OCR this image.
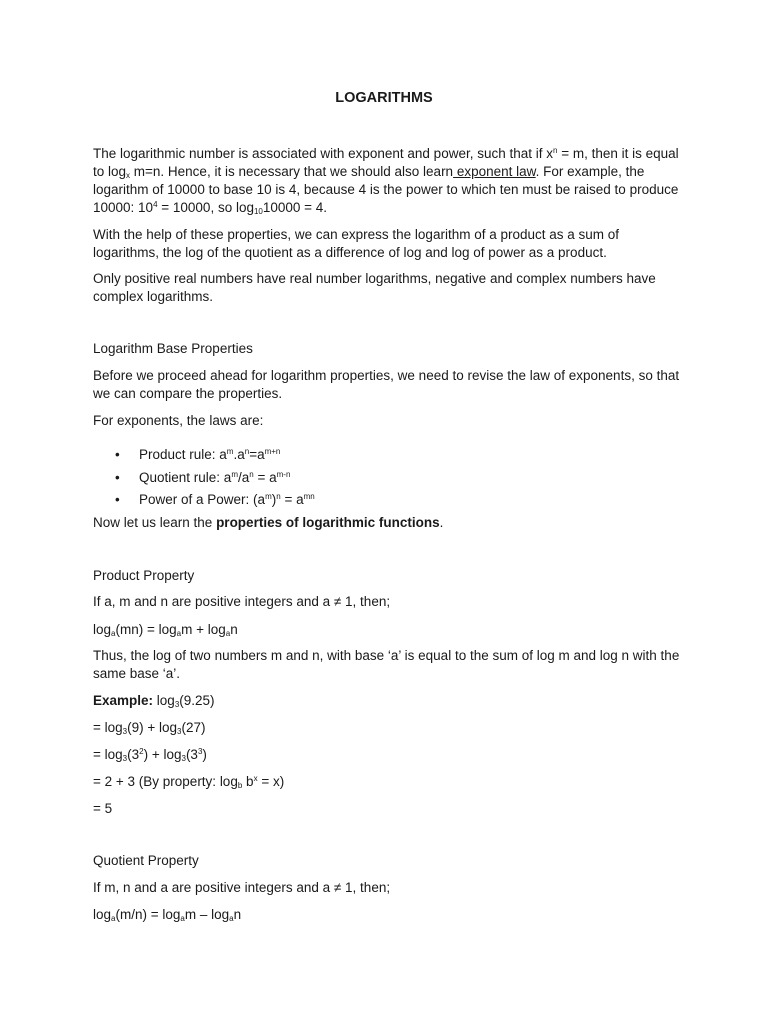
LOGARITHMS

The logarithmic number is associated with exponent and power, such that if $x^n = m$, then it is equal to $\log_x m=n$. Hence, it is necessary that we should also learn exponent law. For example, the logarithm of 10000 to base 10 is 4, because 4 is the power to which ten must be raised to produce 10000: $10^4 = 10000$, so $\log_{10}10000 = 4$.

With the help of these properties, we can express the logarithm of a product as a sum of logarithms, the log of the quotient as a difference of log and log of power as a product.

Only positive real numbers have real number logarithms, negative and complex numbers have complex logarithms.

Logarithm Base Properties

Before we proceed ahead for logarithm properties, we need to revise the law of exponents, so that we can compare the properties.

For exponents, the laws are:

• Product rule: $a^m.a^n=a^{m+n}$
• Quotient rule: $a^m/a^n = a^{m-n}$
• Power of a Power: $(a^m)^n = a^{mn}$

Now let us learn the properties of logarithmic functions.

Product Property

If a, m and n are positive integers and a ≠ 1, then;

$\log_a(mn) = \log_am + \log_an$

Thus, the log of two numbers m and n, with base ‘a’ is equal to the sum of log m and log n with the same base ‘a’.

Example: $\log_3(9.25)$

= $\log_3(9) + \log_3(27)$

= $\log_3(3^2) + \log_3(3^3)$

= 2 + 3 (By property: $\log_b b^x = x$)

= 5

Quotient Property

If m, n and a are positive integers and a ≠ 1, then;

$\log_a(m/n) = \log_am - \log_an$
